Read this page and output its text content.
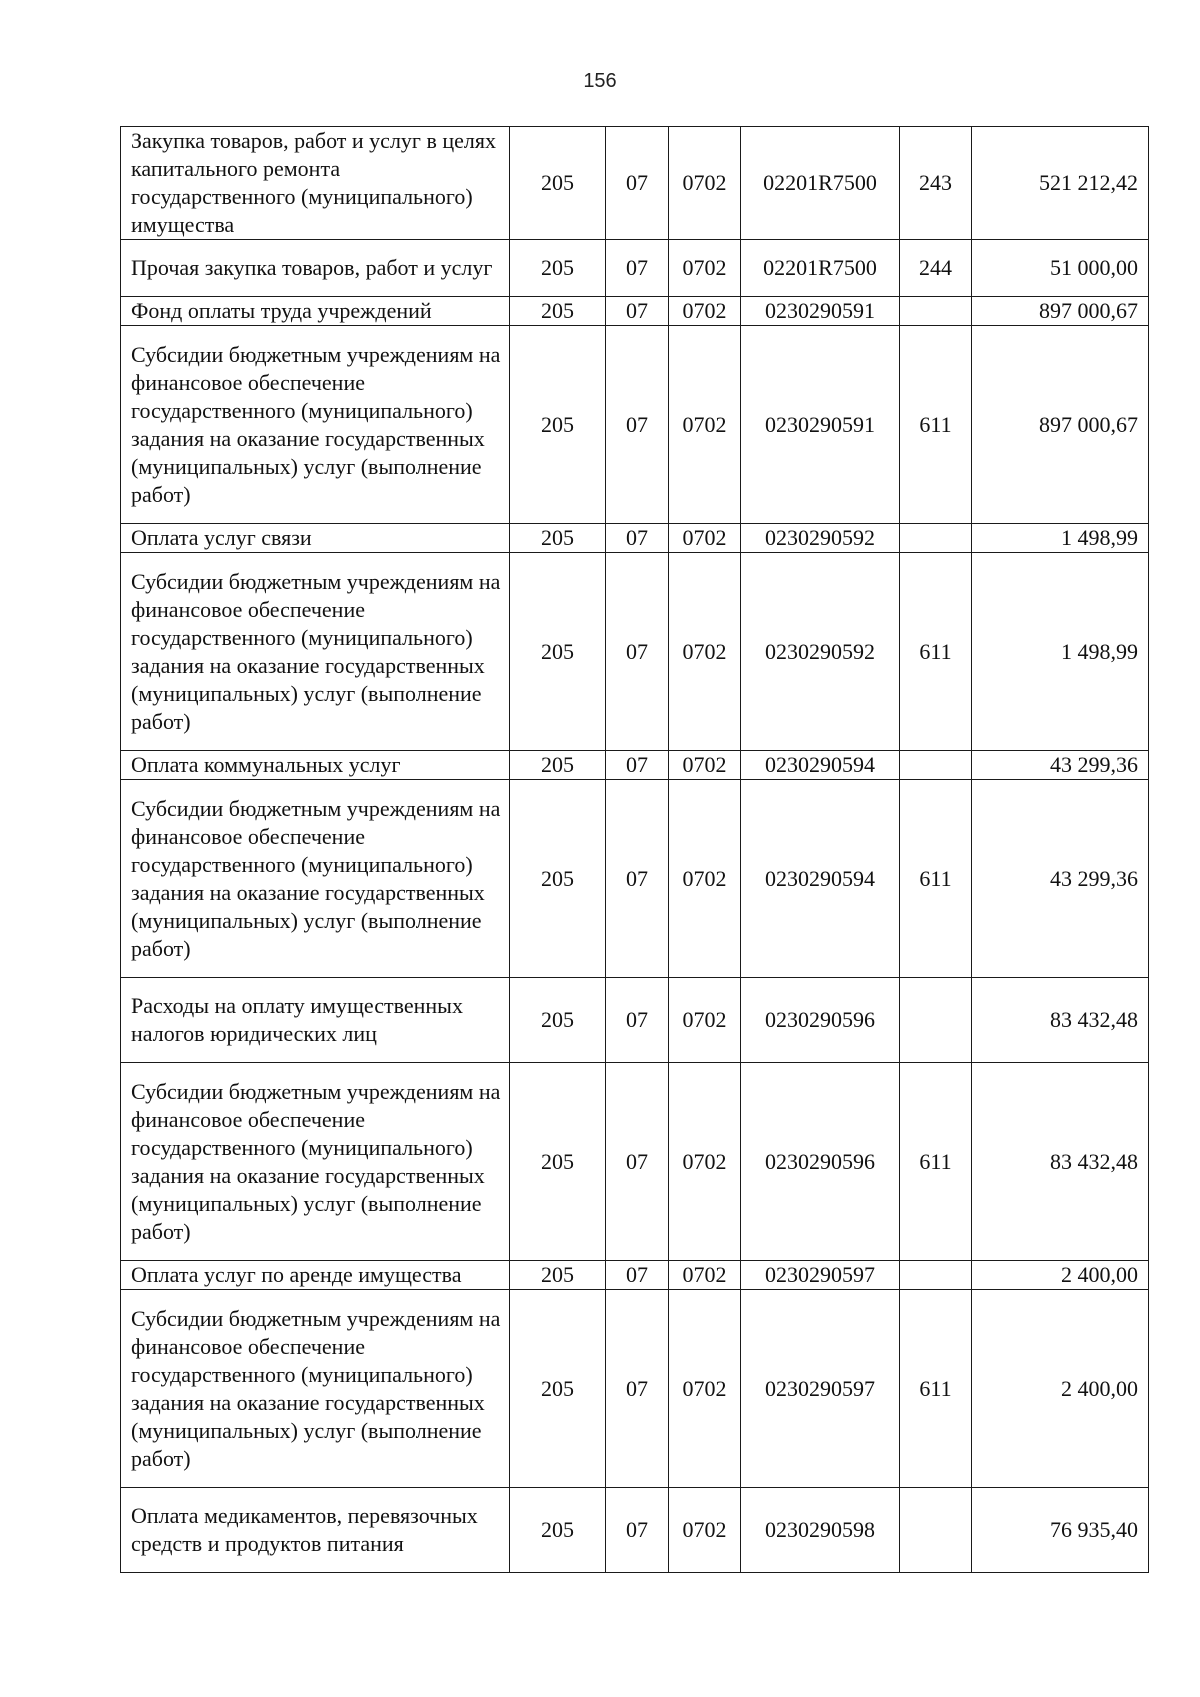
156
Закупка товаров, работ и услуг в целях капитального ремонта государственного (муниципального) имущества	205	07	0702	02201R7500	243	521 212,42
Прочая закупка товаров, работ и услуг	205	07	0702	02201R7500	244	51 000,00
Фонд оплаты труда учреждений	205	07	0702	0230290591		897 000,67
Субсидии бюджетным учреждениям на финансовое обеспечение государственного (муниципального) задания на оказание государственных (муниципальных) услуг (выполнение работ)	205	07	0702	0230290591	611	897 000,67
Оплата услуг связи	205	07	0702	0230290592		1 498,99
Субсидии бюджетным учреждениям на финансовое обеспечение государственного (муниципального) задания на оказание государственных (муниципальных) услуг (выполнение работ)	205	07	0702	0230290592	611	1 498,99
Оплата коммунальных услуг	205	07	0702	0230290594		43 299,36
Субсидии бюджетным учреждениям на финансовое обеспечение государственного (муниципального) задания на оказание государственных (муниципальных) услуг (выполнение работ)	205	07	0702	0230290594	611	43 299,36
Расходы на оплату имущественных налогов юридических лиц	205	07	0702	0230290596		83 432,48
Субсидии бюджетным учреждениям на финансовое обеспечение государственного (муниципального) задания на оказание государственных (муниципальных) услуг (выполнение работ)	205	07	0702	0230290596	611	83 432,48
Оплата услуг по аренде имущества	205	07	0702	0230290597		2 400,00
Субсидии бюджетным учреждениям на финансовое обеспечение государственного (муниципального) задания на оказание государственных (муниципальных) услуг (выполнение работ)	205	07	0702	0230290597	611	2 400,00
Оплата медикаментов, перевязочных средств и продуктов питания	205	07	0702	0230290598		76 935,40
